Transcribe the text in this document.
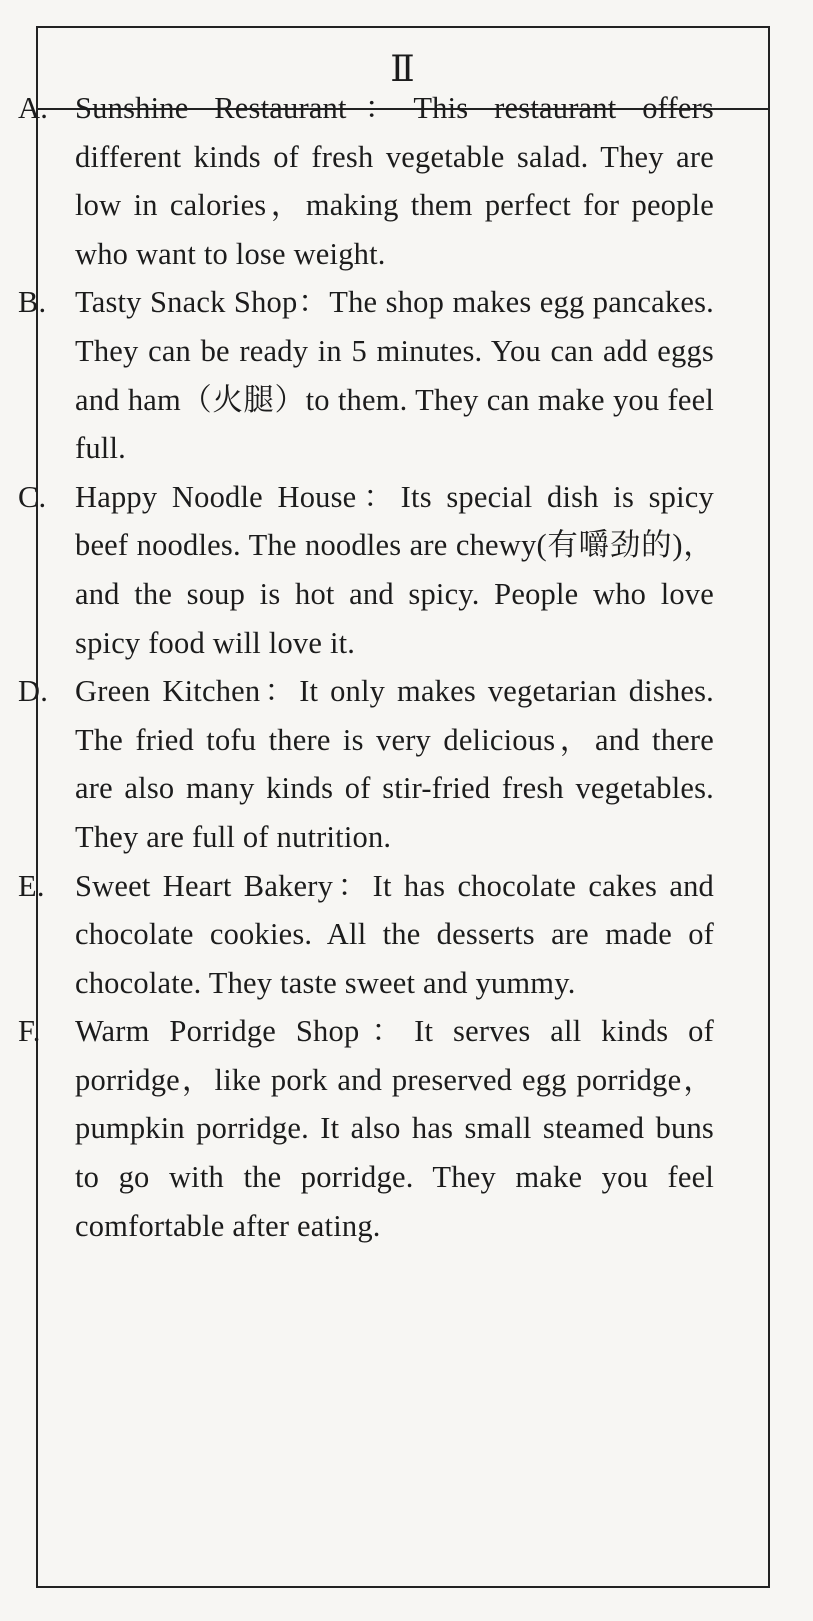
Ⅱ
A. Sunshine Restaurant：This restaurant offers different kinds of fresh vegetable salad. They are low in calories，making them perfect for people who want to lose weight.
B. Tasty Snack Shop：The shop makes egg pancakes. They can be ready in 5 minutes. You can add eggs and ham（火腿）to them. They can make you feel full.
C. Happy Noodle House：Its special dish is spicy beef noodles. The noodles are chewy(有嚼劲的)，and the soup is hot and spicy. People who love spicy food will love it.
D. Green Kitchen：It only makes vegetarian dishes. The fried tofu there is very delicious，and there are also many kinds of stir-fried fresh vegetables. They are full of nutrition.
E. Sweet Heart Bakery：It has chocolate cakes and chocolate cookies. All the desserts are made of chocolate. They taste sweet and yummy.
F. Warm Porridge Shop：It serves all kinds of porridge，like pork and preserved egg porridge，pumpkin porridge. It also has small steamed buns to go with the porridge. They make you feel comfortable after eating.
